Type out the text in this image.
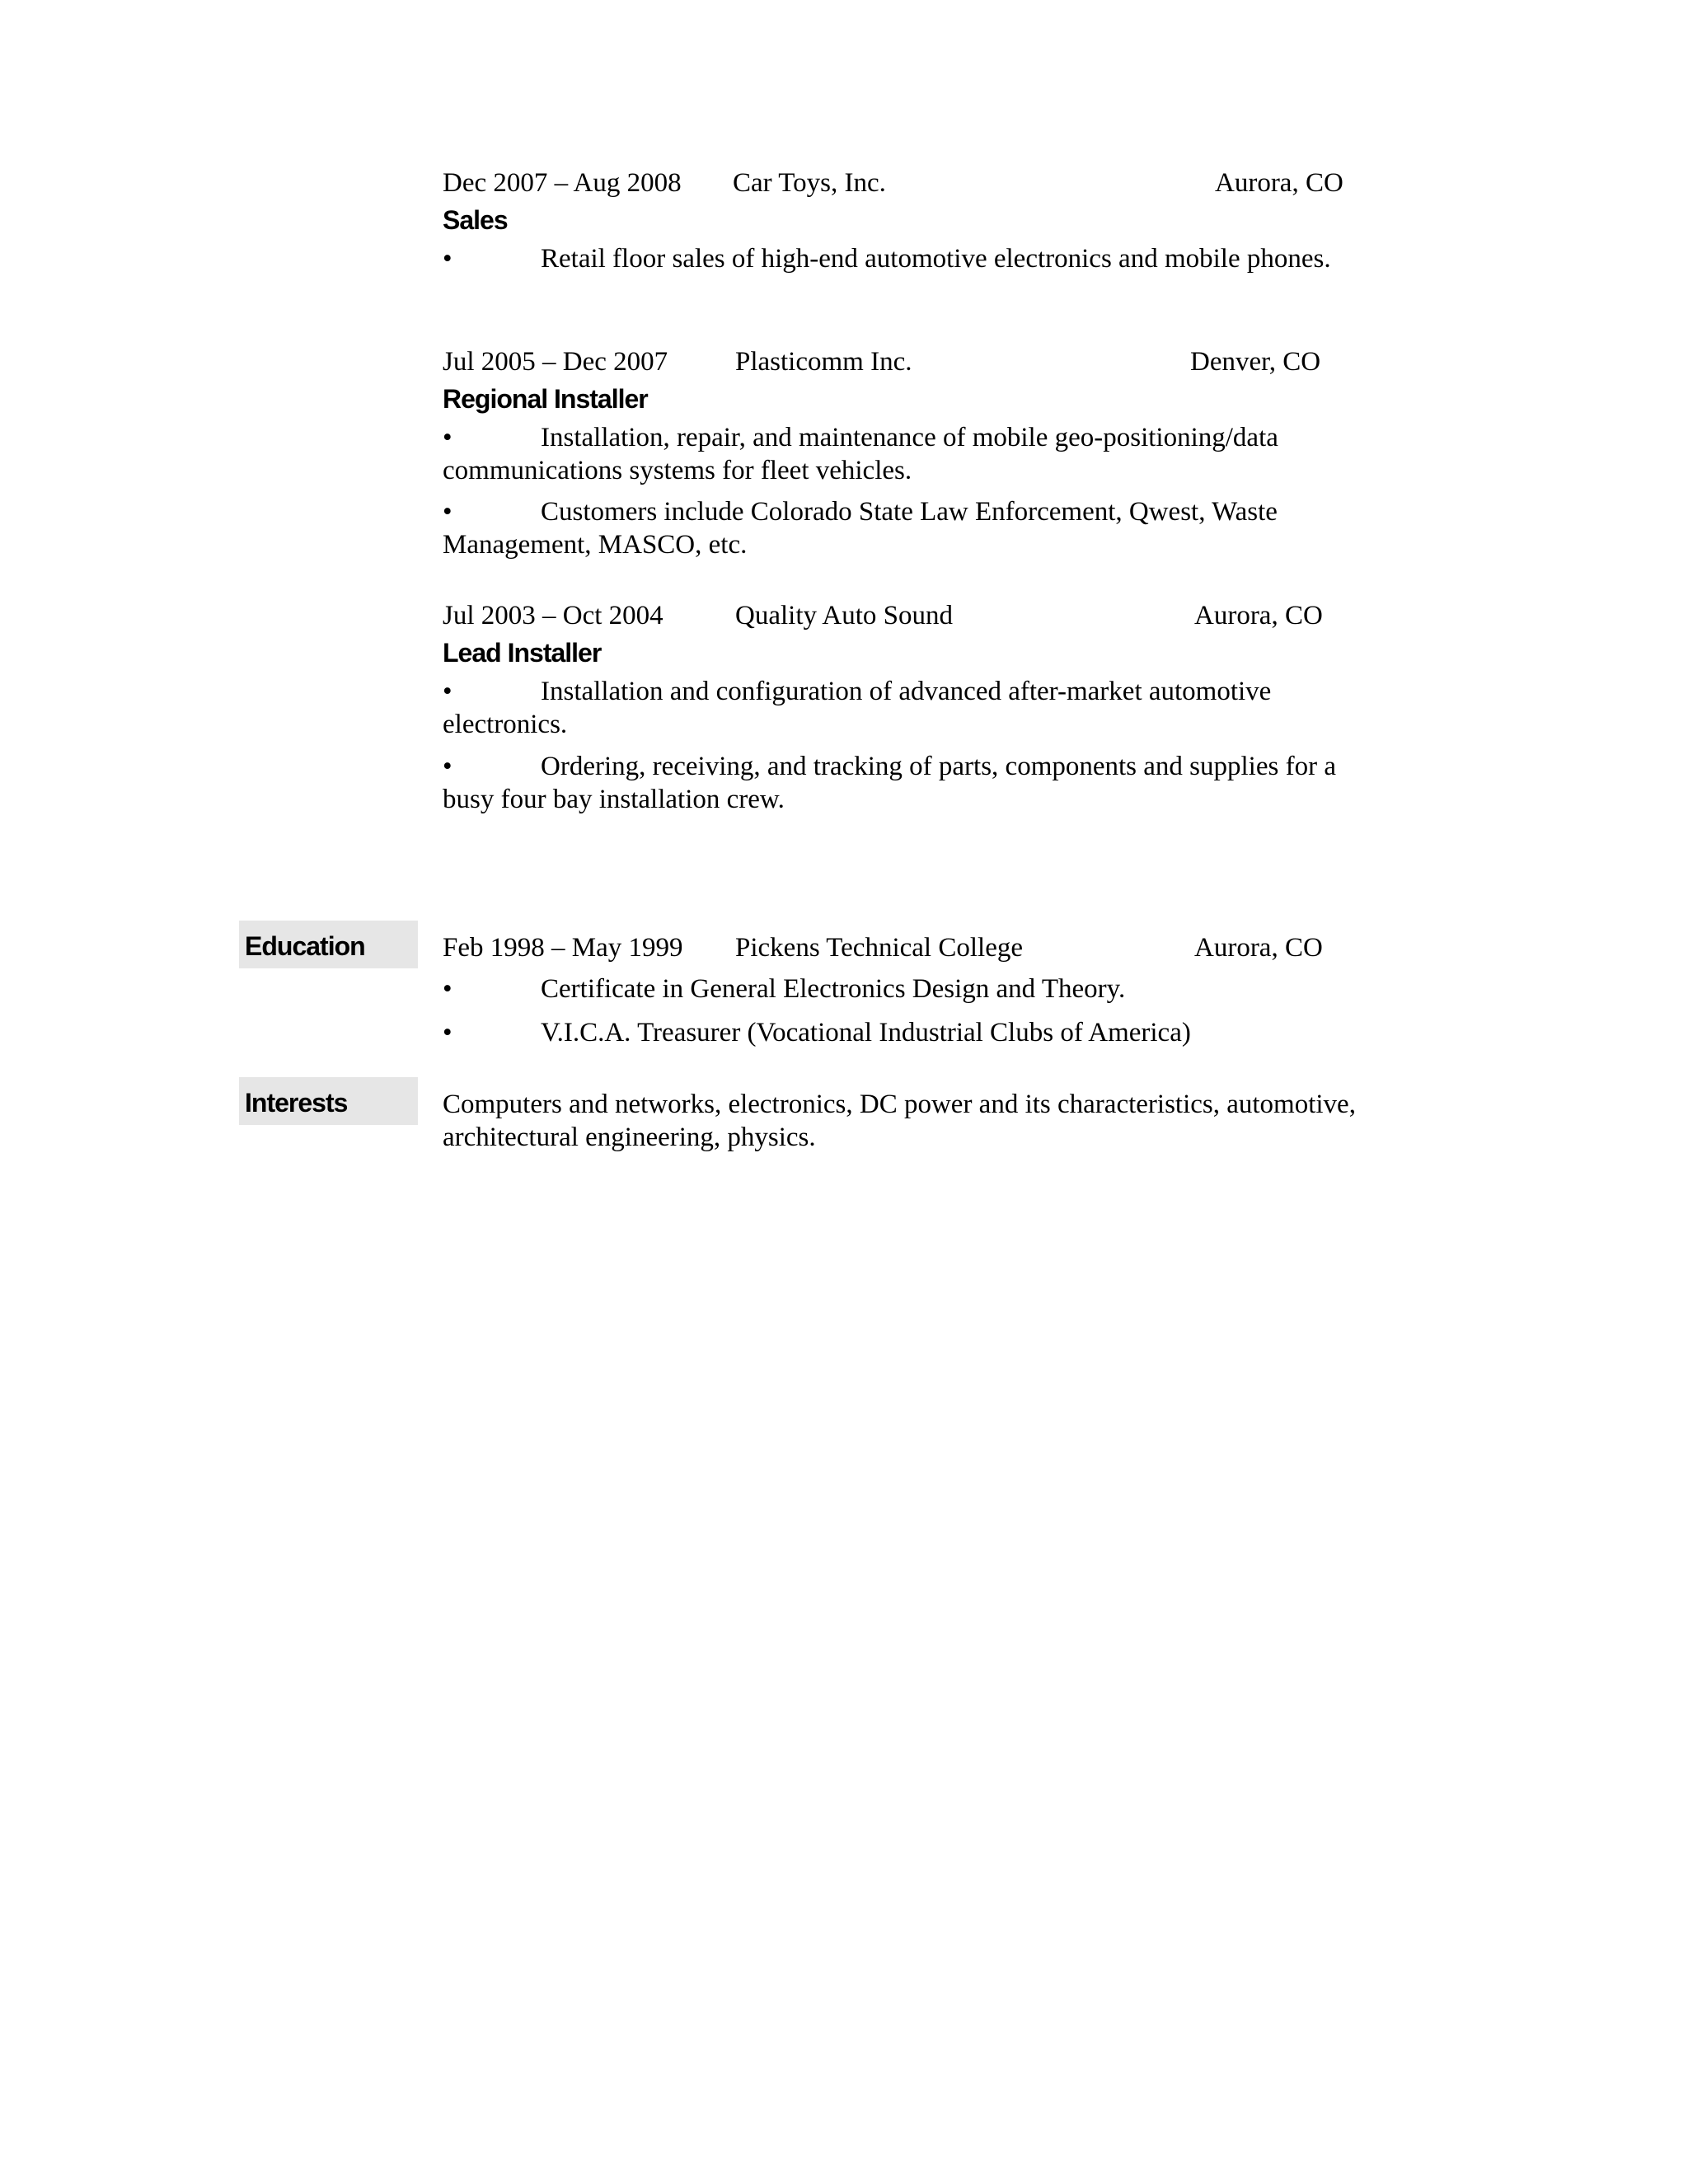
Dec 2007 – Aug 2008 Car Toys, Inc.	Aurora, CO
Sales
•	Retail floor sales of high-end automotive electronics and mobile phones.
Jul 2005 – Dec 2007 Plasticomm Inc.	Denver, CO
Regional Installer
•	Installation, repair, and maintenance of mobile geo-positioning/data communications systems for fleet vehicles.
•	Customers include Colorado State Law Enforcement, Qwest, Waste Management, MASCO, etc.
Jul 2003 – Oct 2004	Quality Auto Sound	Aurora, CO
Lead Installer
•	Installation and configuration of advanced after-market automotive electronics.
•	Ordering, receiving, and tracking of parts, components and supplies for a busy four bay installation crew.
Education	Feb 1998 – May 1999 Pickens Technical College	Aurora, CO
•	Certificate in General Electronics Design and Theory.
•	V.I.C.A. Treasurer (Vocational Industrial Clubs of America)
Interests	Computers and networks, electronics, DC power and its characteristics, automotive, architectural engineering, physics.
